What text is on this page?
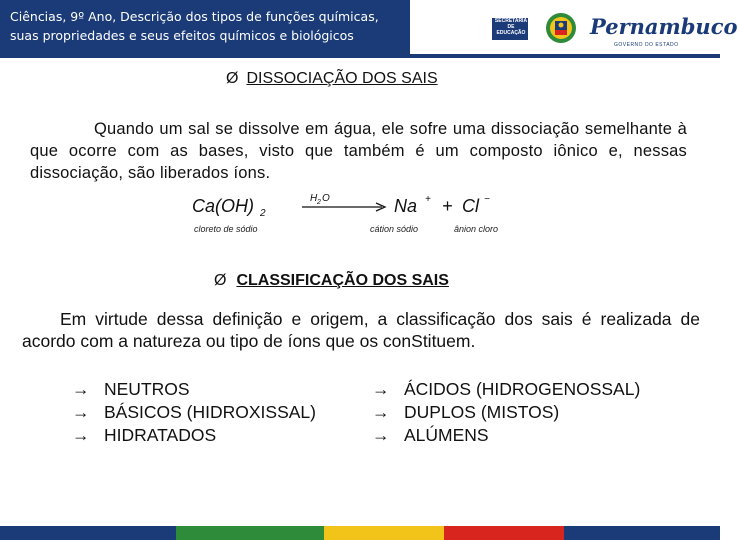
Ciências, 9º Ano, Descrição dos tipos de funções químicas,
suas propriedades e seus efeitos químicos e biológicos
SECRETARIA
DE EDUCAÇÃO	Pernambuco
GOVERNO DO ESTADO
Ø DISSOCIAÇÃO DOS SAIS
Quando um sal se dissolve em água, ele sofre uma dissociação semelhante à que ocorre com as bases, visto que também é um composto iônico e, nessas dissociação, são liberados íons.
Ca(OH) 2
H 2 O	Na + + Cl −
cloreto de sódio	cátion sódio	ânion cloro
Ø CLASSIFICAÇÃO DOS SAIS
Em virtude dessa definição e origem, a classificação dos sais é realizada de acordo com a natureza ou tipo de íons que os conStituem.
→ NEUTROS
→ BÁSICOS (HIDROXISSAL)
→ HIDRATADOS
→ ÁCIDOS (HIDROGENOSSAL)
→ DUPLOS (MISTOS)
→ ALÚMENS
